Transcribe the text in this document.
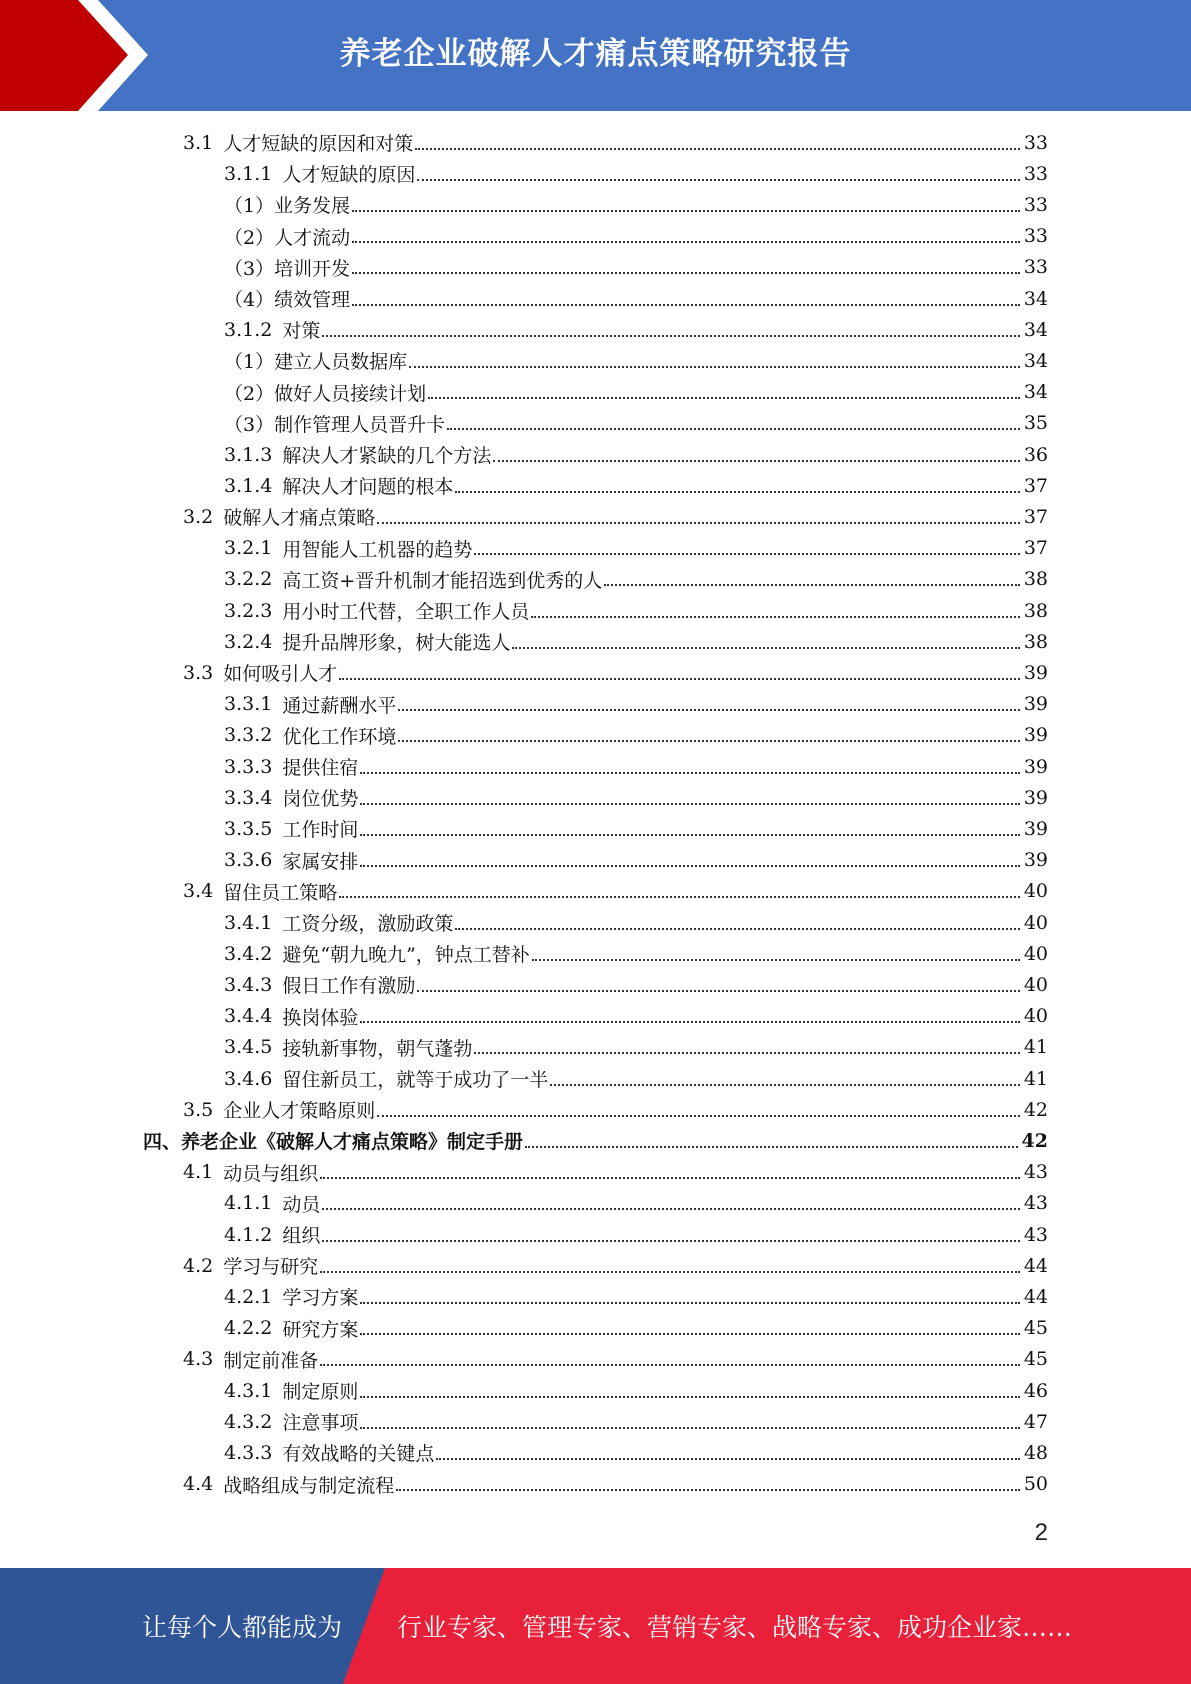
养老企业破解人才痛点策略研究报告
3.1 人才短缺的原因和对策	33
3.1.1 人才短缺的原因	33
（1） 业务发展	33
（2） 人才流动	33
（3） 培训开发	33
（4） 绩效管理	34
3.1.2 对策	34
（1） 建立人员数据库	34
（2） 做好人员接续计划	34
（3） 制作管理人员晋升卡	35
3.1.3 解决人才紧缺的几个方法	36
3.1.4 解决人才问题的根本	37
3.2 破解人才痛点策略	37
3.2.1 用智能人工机器的趋势	37
3.2.2 高工资+晋升机制才能招选到优秀的人	38
3.2.3 用小时工代替，全职工作人员	38
3.2.4 提升品牌形象，树大能选人	38
3.3 如何吸引人才	39
3.3.1 通过薪酬水平	39
3.3.2 优化工作环境	39
3.3.3 提供住宿	39
3.3.4 岗位优势	39
3.3.5 工作时间	39
3.3.6 家属安排	39
3.4 留住员工策略	40
3.4.1 工资分级，激励政策	40
3.4.2 避免“朝九晚九”，钟点工替补	40
3.4.3 假日工作有激励	40
3.4.4 换岗体验	40
3.4.5 接轨新事物，朝气蓬勃	41
3.4.6 留住新员工，就等于成功了一半	41
3.5 企业人才策略原则	42
四、 养老企业《破解人才痛点策略》制定手册	42
4.1 动员与组织	43
4.1.1 动员	43
4.1.2 组织	43
4.2 学习与研究	44
4.2.1 学习方案	44
4.2.2 研究方案	45
4.3 制定前准备	45
4.3.1 制定原则	46
4.3.2 注意事项	47
4.3.3 有效战略的关键点	48
4.4 战略组成与制定流程	50
2
让每个人都能成为 行业专家、管理专家、营销专家、战略专家、成功企业家……
